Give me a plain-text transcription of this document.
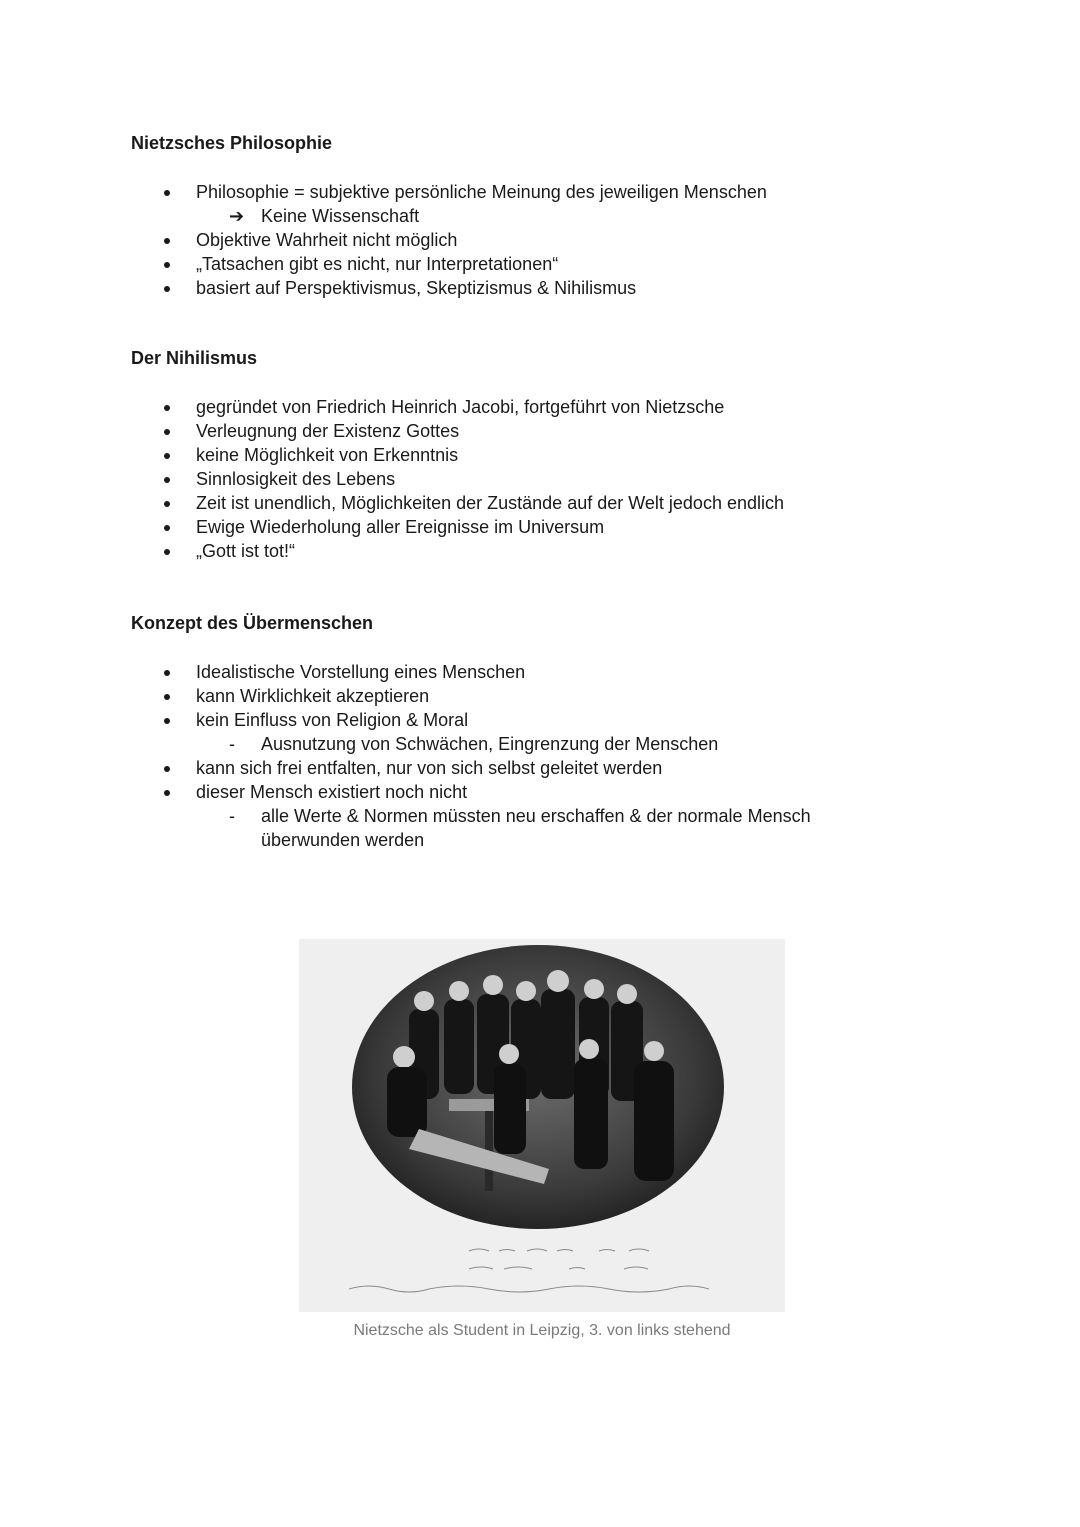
Nietzsches Philosophie
Philosophie = subjektive persönliche Meinung des jeweiligen Menschen
➔ Keine Wissenschaft
Objektive Wahrheit nicht möglich
„Tatsachen gibt es nicht, nur Interpretationen“
basiert auf Perspektivismus, Skeptizismus & Nihilismus
Der Nihilismus
gegründet von Friedrich Heinrich Jacobi, fortgeführt von Nietzsche
Verleugnung der Existenz Gottes
keine Möglichkeit von Erkenntnis
Sinnlosigkeit des Lebens
Zeit ist unendlich, Möglichkeiten der Zustände auf der Welt jedoch endlich
Ewige Wiederholung aller Ereignisse im Universum
„Gott ist tot!“
Konzept des Übermenschen
Idealistische Vorstellung eines Menschen
kann Wirklichkeit akzeptieren
kein Einfluss von Religion & Moral
- Ausnutzung von Schwächen, Eingrenzung der Menschen
kann sich frei entfalten, nur von sich selbst geleitet werden
dieser Mensch existiert noch nicht
- alle Werte & Normen müssten neu erschaffen & der normale Mensch überwunden werden
Nietzsche als Student in Leipzig, 3. von links stehend
